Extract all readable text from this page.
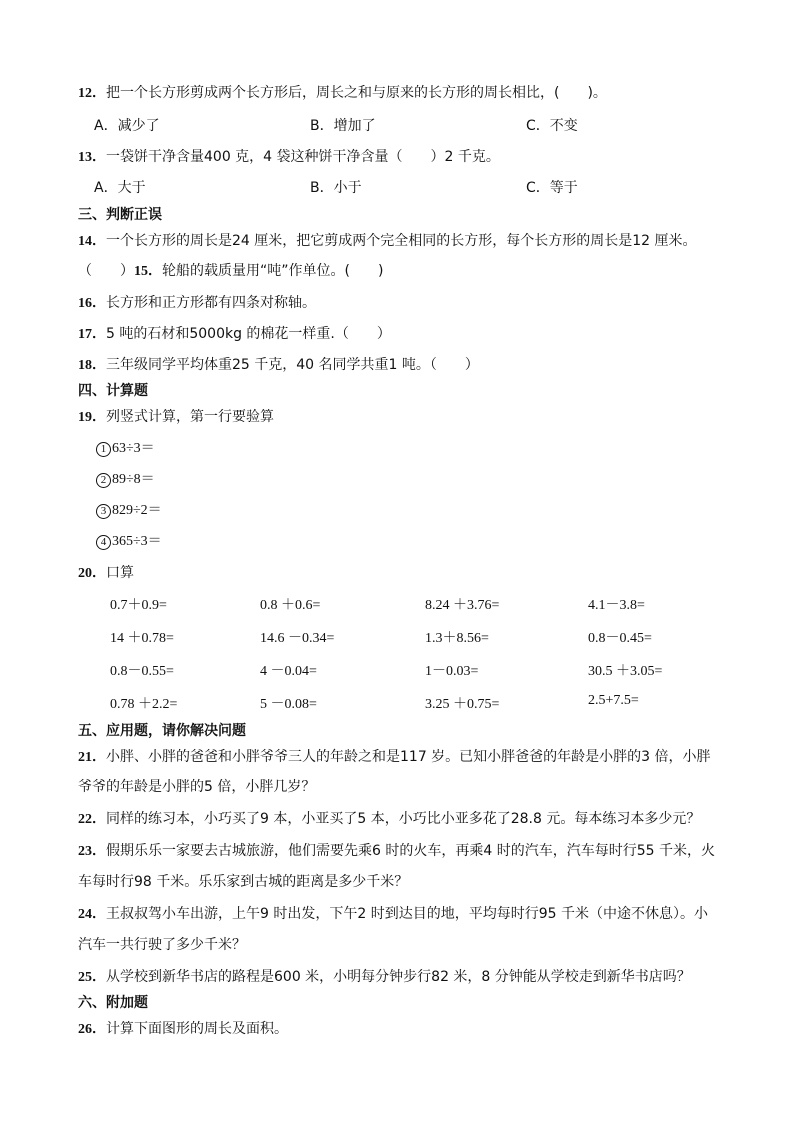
12．把一个长方形剪成两个长方形后，周长之和与原来的长方形的周长相比，(　　)。
A．减少了	B．增加了	C．不变
13．一袋饼干净含量400 克，4 袋这种饼干净含量（　　）2 千克。
A．大于	B．小于	C．等于
三、判断正误
14．一个长方形的周长是24 厘米，把它剪成两个完全相同的长方形，每个长方形的周长是12 厘米。
（　　）15．轮船的载质量用“吨”作单位。(　　)
16．长方形和正方形都有四条对称轴。
17．5 吨的石材和5000kg 的棉花一样重.（　　）
18．三年级同学平均体重25 千克，40 名同学共重1 吨。（　　）
四、计算题
19．列竖式计算，第一行要验算
1 63÷3＝
2 89÷8＝
3 829÷2＝
4 365÷3＝
20．口算
0.7＋0.9=	0.8 ＋0.6=	8.24 ＋3.76=	4.1－3.8=
14 ＋0.78=	14.6 －0.34=	1.3＋8.56=	0.8－0.45=
0.8－0.55=	4 －0.04=	1－0.03=	30.5 ＋3.05=
0.78 ＋2.2=	5 －0.08=	3.25 ＋0.75=	2.5+7.5=
五、应用题，请你解决问题
21．小胖、小胖的爸爸和小胖爷爷三人的年龄之和是117 岁。已知小胖爸爸的年龄是小胖的3 倍，小胖
爷爷的年龄是小胖的5 倍，小胖几岁？
22．同样的练习本，小巧买了9 本，小亚买了5 本，小巧比小亚多花了28.8 元。每本练习本多少元？
23．假期乐乐一家要去古城旅游，他们需要先乘6 时的火车，再乘4 时的汽车，汽车每时行55 千米，火
车每时行98 千米。乐乐家到古城的距离是多少千米？
24．王叔叔驾小车出游，上午9 时出发，下午2 时到达目的地，平均每时行95 千米（中途不休息）。小
汽车一共行驶了多少千米？
25．从学校到新华书店的路程是600 米，小明每分钟步行82 米，8 分钟能从学校走到新华书店吗？
六、附加题
26．计算下面图形的周长及面积。
